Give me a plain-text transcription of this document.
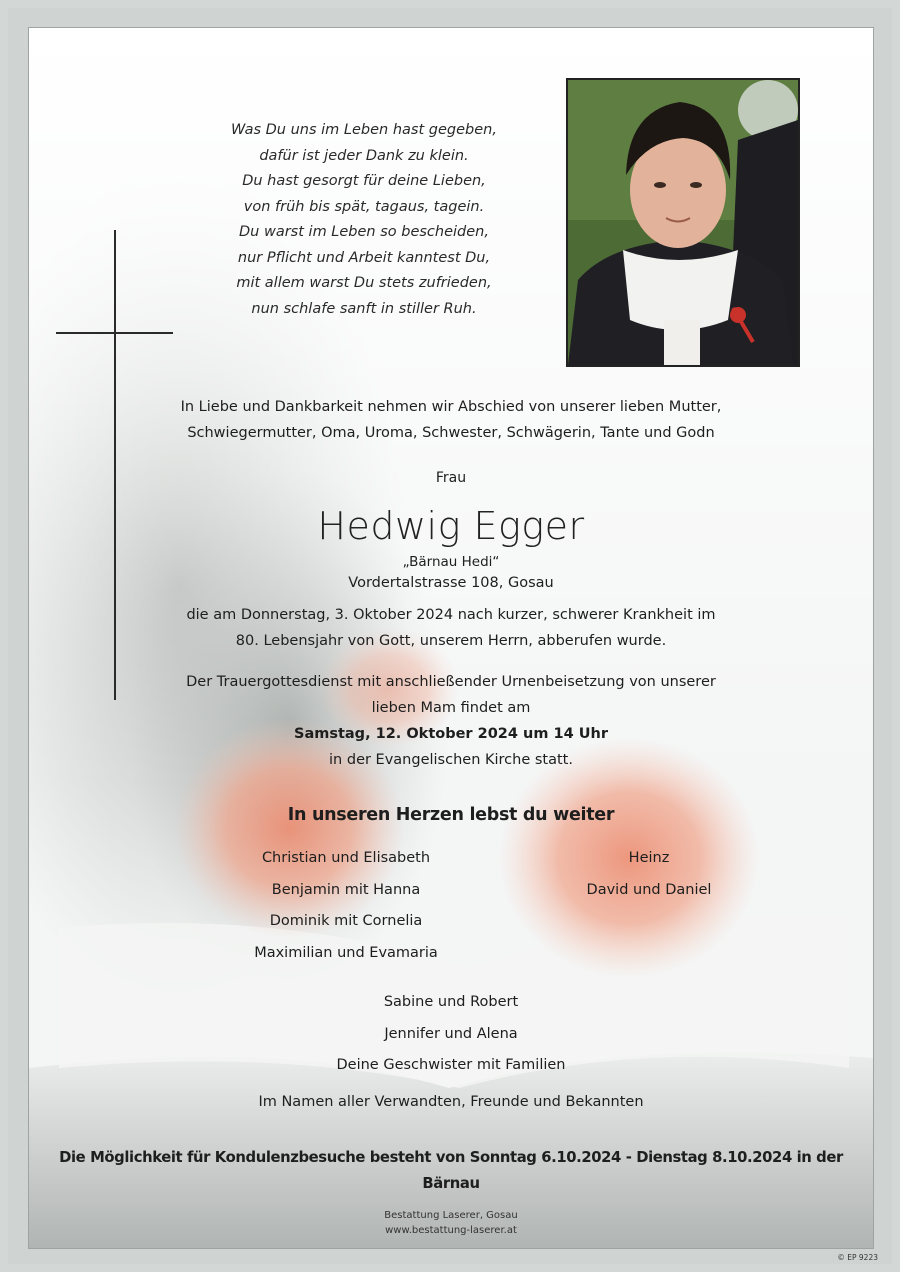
Was Du uns im Leben hast gegeben,
dafür ist jeder Dank zu klein.
Du hast gesorgt für deine Lieben,
von früh bis spät, tagaus, tagein.
Du warst im Leben so bescheiden,
nur Pflicht und Arbeit kanntest Du,
mit allem warst Du stets zufrieden,
nun schlafe sanft in stiller Ruh.
In Liebe und Dankbarkeit nehmen wir Abschied von unserer lieben Mutter,
Schwiegermutter, Oma, Uroma, Schwester, Schwägerin, Tante und Godn
Frau
Hedwig Egger
„Bärnau Hedi“
Vordertalstrasse 108, Gosau
die am Donnerstag, 3. Oktober 2024 nach kurzer, schwerer Krankheit im
80. Lebensjahr von Gott, unserem Herrn, abberufen wurde.
Der Trauergottesdienst mit anschließender Urnenbeisetzung von unserer
lieben Mam findet am
Samstag, 12. Oktober 2024 um 14 Uhr
in der Evangelischen Kirche statt.
In unseren Herzen lebst du weiter
Christian und Elisabeth
Benjamin mit Hanna
Dominik mit Cornelia
Maximilian und Evamaria
Heinz
David und Daniel
Sabine und Robert
Jennifer und Alena
Deine Geschwister mit Familien
Im Namen aller Verwandten, Freunde und Bekannten
Die Möglichkeit für Kondulenzbesuche besteht von Sonntag 6.10.2024 - Dienstag 8.10.2024 in der Bärnau
Bestattung Laserer, Gosau
www.bestattung-laserer.at
© EP 9223
